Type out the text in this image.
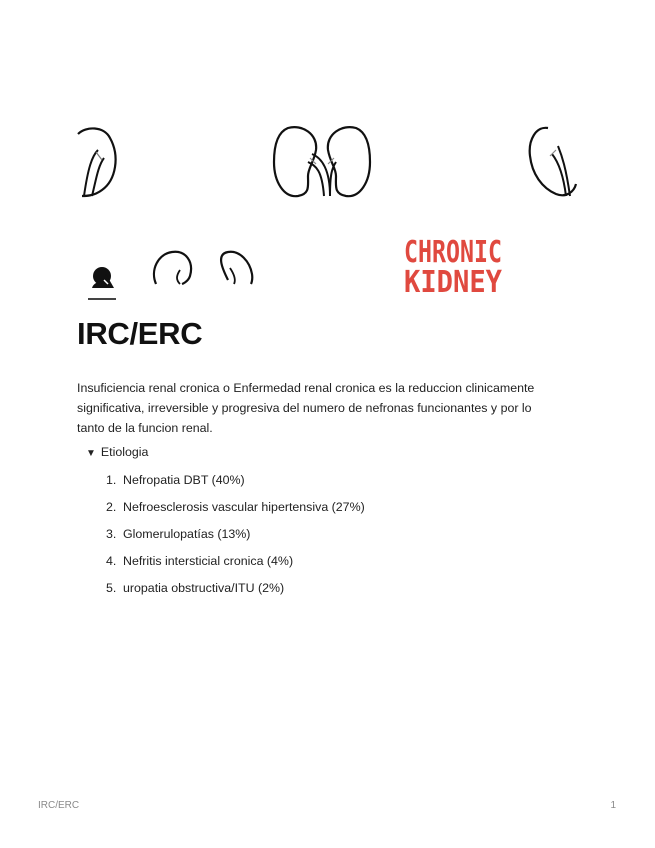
CHRONIC
KIDNEY
IRC/ERC

Insuficiencia renal cronica o Enfermedad renal cronica es la reduccion clinicamente significativa, irreversible y progresiva del numero de nefronas funcionantes y por lo tanto de la funcion renal.

▼ Etiologia
1. Nefropatia DBT (40%)
2. Nefroesclerosis vascular hipertensiva (27%)
3. Glomerulopatías (13%)
4. Nefritis intersticial cronica (4%)
5. uropatia obstructiva/ITU (2%)
IRC/ERC	1
